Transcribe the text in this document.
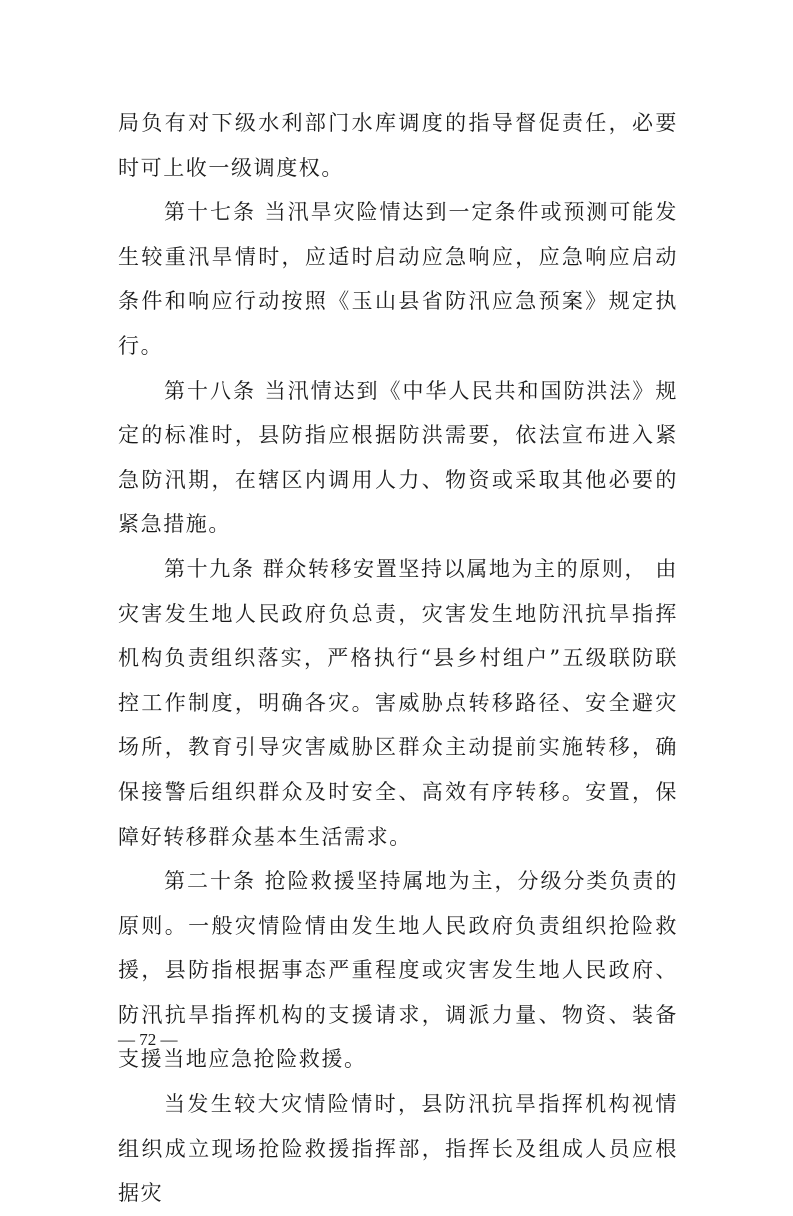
局负有对下级水利部门水库调度的指导督促责任，必要时可上收一级调度权。

第十七条 当汛旱灾险情达到一定条件或预测可能发生较重汛旱情时，应适时启动应急响应，应急响应启动条件和响应行动按照《玉山县省防汛应急预案》规定执行。

第十八条 当汛情达到《中华人民共和国防洪法》规定的标准时，县防指应根据防洪需要，依法宣布进入紧急防汛期，在辖区内调用人力、物资或采取其他必要的紧急措施。

第十九条 群众转移安置坚持以属地为主的原则， 由灾害发生地人民政府负总责，灾害发生地防汛抗旱指挥机构负责组织落实，严格执行“县乡村组户”五级联防联控工作制度，明确各灾。害威胁点转移路径、安全避灾场所，教育引导灾害威胁区群众主动提前实施转移，确保接警后组织群众及时安全、高效有序转移。安置，保障好转移群众基本生活需求。

第二十条 抢险救援坚持属地为主，分级分类负责的原则。一般灾情险情由发生地人民政府负责组织抢险救援，县防指根据事态严重程度或灾害发生地人民政府、防汛抗旱指挥机构的支援请求，调派力量、物资、装备支援当地应急抢险救援。

当发生较大灾情险情时，县防汛抗旱指挥机构视情组织成立现场抢险救援指挥部，指挥长及组成人员应根据灾

— 72 —
